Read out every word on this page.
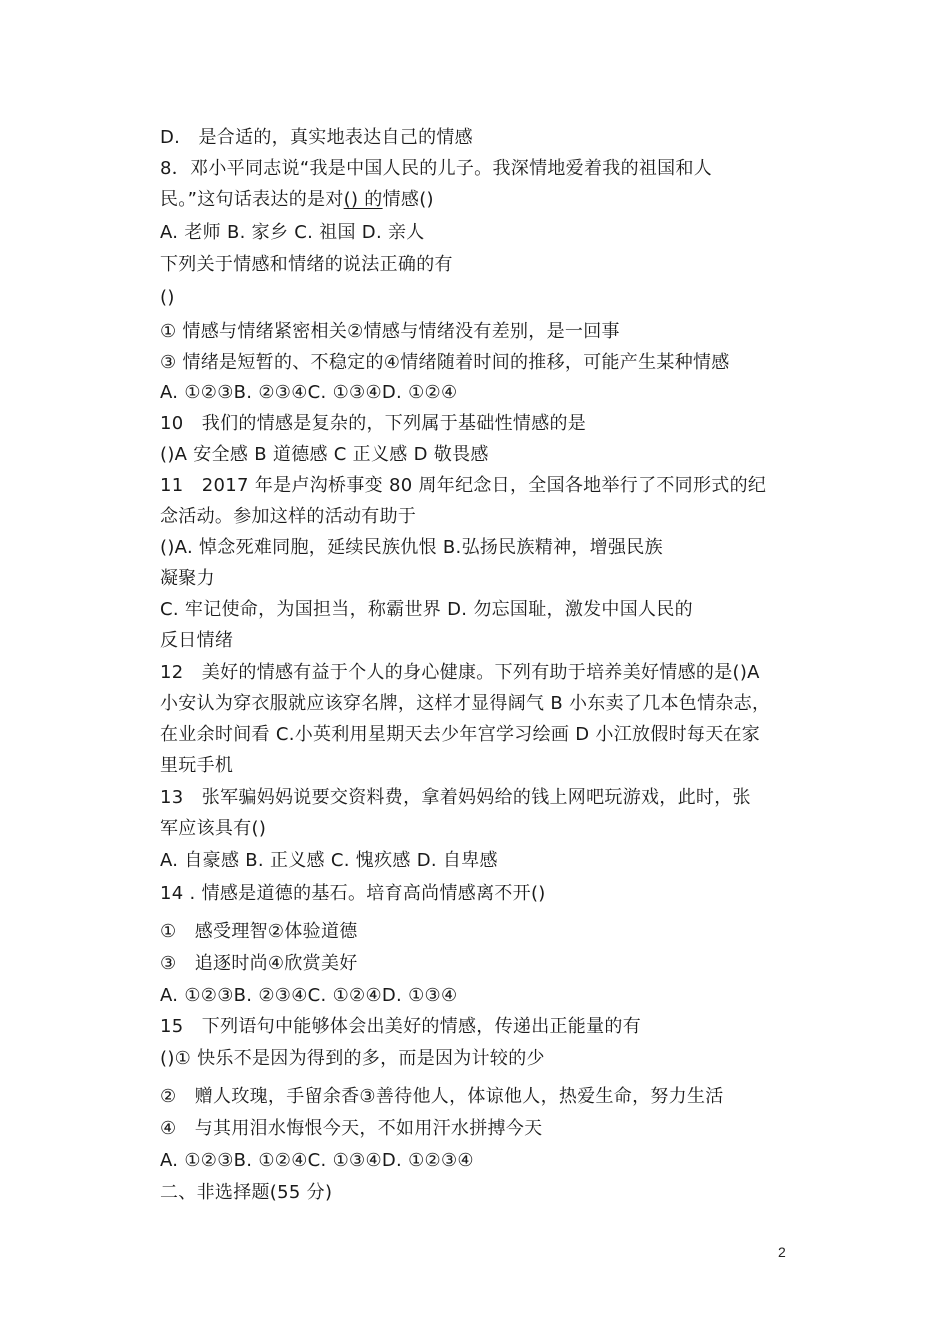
D.　是合适的，真实地表达自己的情感
8．邓小平同志说“我是中国人民的儿子。我深情地爱着我的祖国和人
民。”这句话表达的是对() 的情感()
A. 老师 B. 家乡 C. 祖国 D. 亲人
下列关于情感和情绪的说法正确的有
()
① 情感与情绪紧密相关②情感与情绪没有差别，是一回事
③ 情绪是短暂的、不稳定的④情绪随着时间的推移，可能产生某种情感
A. ①②③B. ②③④C. ①③④D. ①②④
10　我们的情感是复杂的，下列属于基础性情感的是
()A 安全感 B 道德感 C 正义感 D 敬畏感
11　2017 年是卢沟桥事变 80 周年纪念日，全国各地举行了不同形式的纪
念活动。参加这样的活动有助于
()A. 悼念死难同胞，延续民族仇恨 B.弘扬民族精神，增强民族
凝聚力
C. 牢记使命，为国担当，称霸世界 D. 勿忘国耻，激发中国人民的
反日情绪
12　美好的情感有益于个人的身心健康。下列有助于培养美好情感的是()A
小安认为穿衣服就应该穿名牌，这样才显得阔气 B 小东卖了几本色情杂志，
在业余时间看 C.小英利用星期天去少年宫学习绘画 D 小江放假时每天在家
里玩手机
13　张军骗妈妈说要交资料费，拿着妈妈给的钱上网吧玩游戏，此时，张
军应该具有()
A. 自豪感 B. 正义感 C. 愧疚感 D. 自卑感
14 . 情感是道德的基石。培育高尚情感离不开()
①　感受理智②体验道德
③　追逐时尚④欣赏美好
A. ①②③B. ②③④C. ①②④D. ①③④
15　下列语句中能够体会出美好的情感，传递出正能量的有
()① 快乐不是因为得到的多，而是因为计较的少
②　赠人玫瑰，手留余香③善待他人，体谅他人，热爱生命，努力生活
④　与其用泪水悔恨今天，不如用汗水拼搏今天
A. ①②③B. ①②④C. ①③④D. ①②③④
二、非选择题(55 分)
2
